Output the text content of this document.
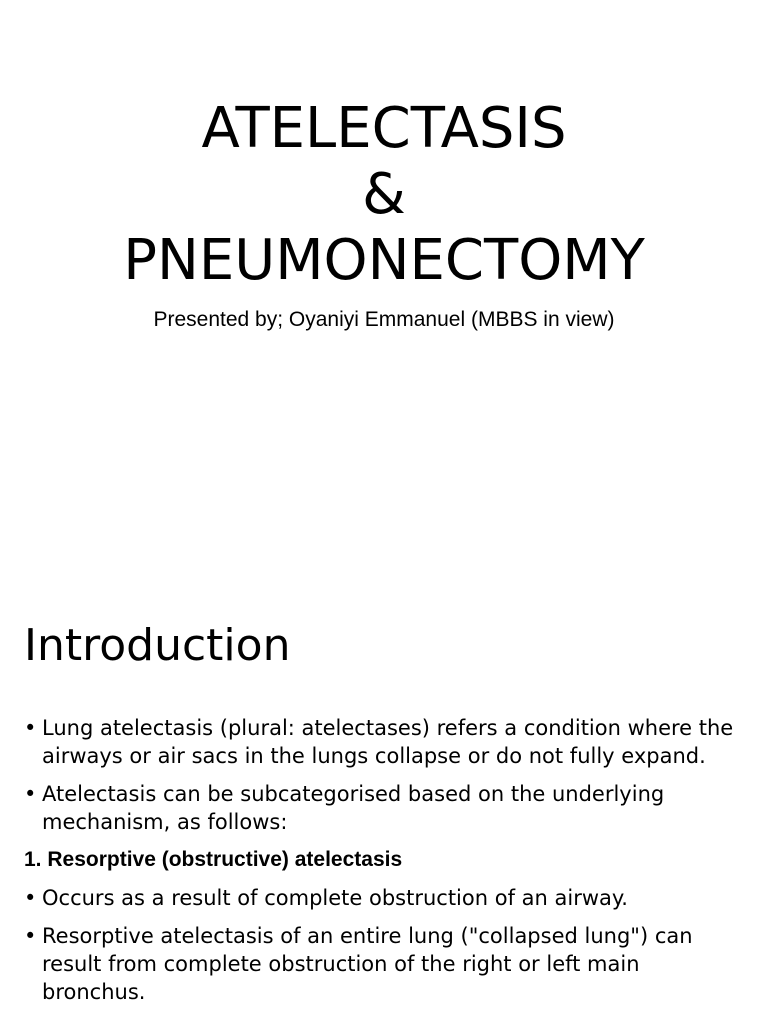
ATELECTASIS
&
PNEUMONECTOMY
Presented by; Oyaniyi Emmanuel (MBBS in view)
Introduction
• Lung atelectasis (plural: atelectases) refers a condition where the airways or air sacs in the lungs collapse or do not fully expand.
• Atelectasis can be subcategorised based on the underlying mechanism, as follows:
1. Resorptive (obstructive) atelectasis
• Occurs as a result of complete obstruction of an airway.
• Resorptive atelectasis of an entire lung ("collapsed lung") can result from complete obstruction of the right or left main bronchus.
